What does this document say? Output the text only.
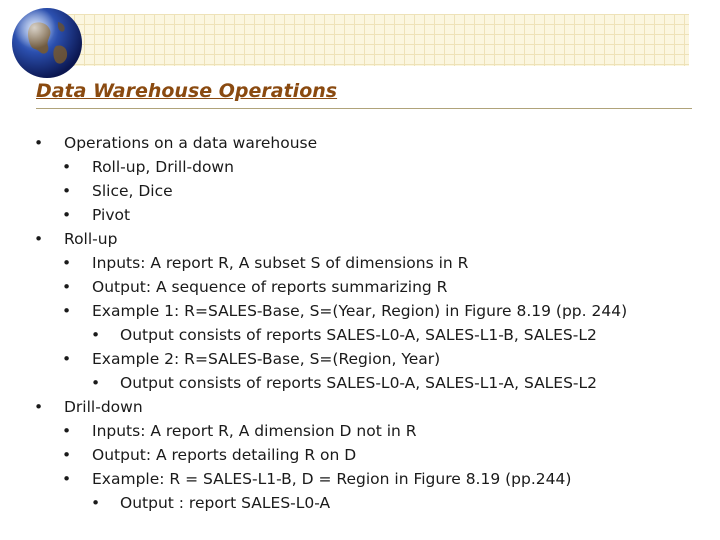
Data Warehouse Operations
• Operations on a data warehouse
• Roll-up, Drill-down
• Slice, Dice
• Pivot
• Roll-up
• Inputs: A report R, A subset S of dimensions in R
• Output: A sequence of reports summarizing R
• Example 1: R=SALES-Base, S=(Year, Region) in Figure 8.19 (pp. 244)
• Output consists of reports SALES-L0-A, SALES-L1-B, SALES-L2
• Example 2: R=SALES-Base, S=(Region, Year)
• Output consists of reports SALES-L0-A, SALES-L1-A, SALES-L2
• Drill-down
• Inputs: A report R, A dimension D not in R
• Output: A reports detailing R on D
• Example: R = SALES-L1-B, D = Region in Figure 8.19 (pp.244)
• Output : report SALES-L0-A
